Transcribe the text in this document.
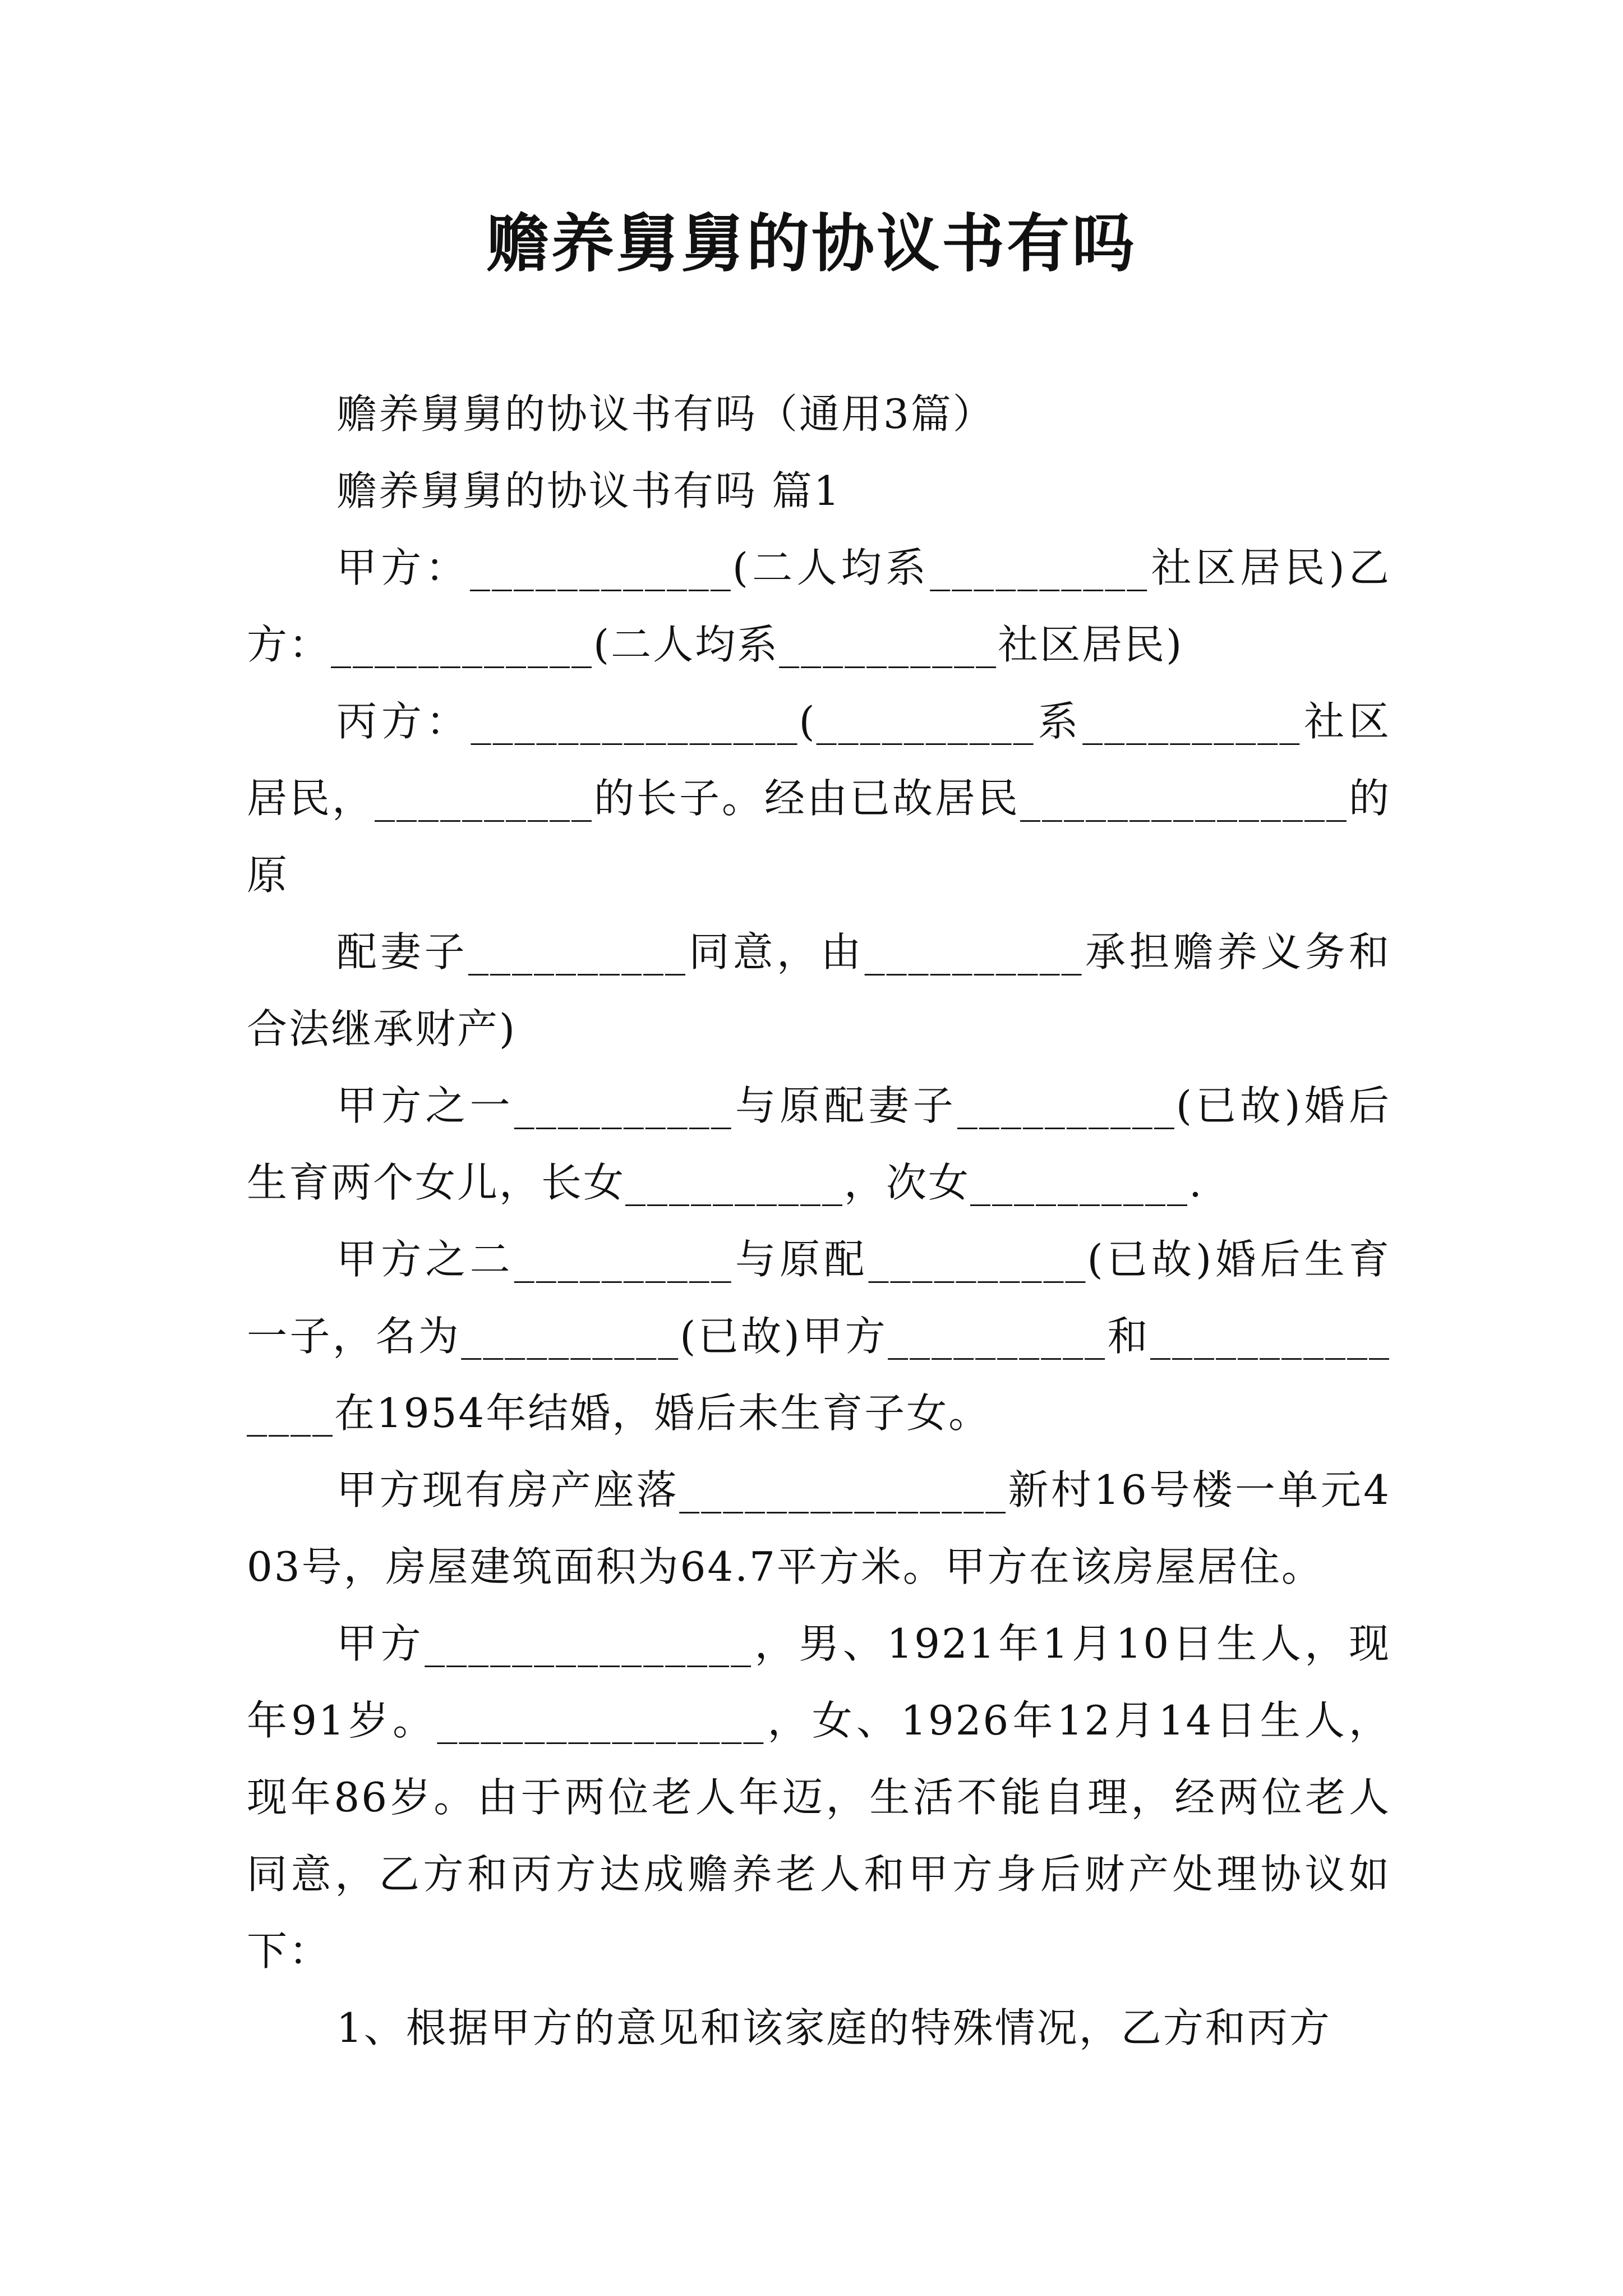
赡养舅舅的协议书有吗

赡养舅舅的协议书有吗（通用3篇）

赡养舅舅的协议书有吗 篇1

甲方：____________(二人均系__________社区居民)乙方：____________(二人均系__________社区居民)

丙方：_______________(__________系__________社区居民，__________的长子。经由已故居民_______________的原

配妻子__________同意，由__________承担赡养义务和合法继承财产)

甲方之一__________与原配妻子__________(已故)婚后生育两个女儿，长女__________，次女__________.

甲方之二__________与原配__________(已故)婚后生育一子，名为__________(已故)甲方__________和_______________在1954年结婚，婚后未生育子女。

甲方现有房产座落_______________新村16号楼一单元403号，房屋建筑面积为64.7平方米。甲方在该房屋居住。

甲方_______________，男、1921年1月10日生人，现年91岁。_______________，女、1926年12月14日生人，现年86岁。由于两位老人年迈，生活不能自理，经两位老人同意，乙方和丙方达成赡养老人和甲方身后财产处理协议如下：

1、根据甲方的意见和该家庭的特殊情况，乙方和丙方
